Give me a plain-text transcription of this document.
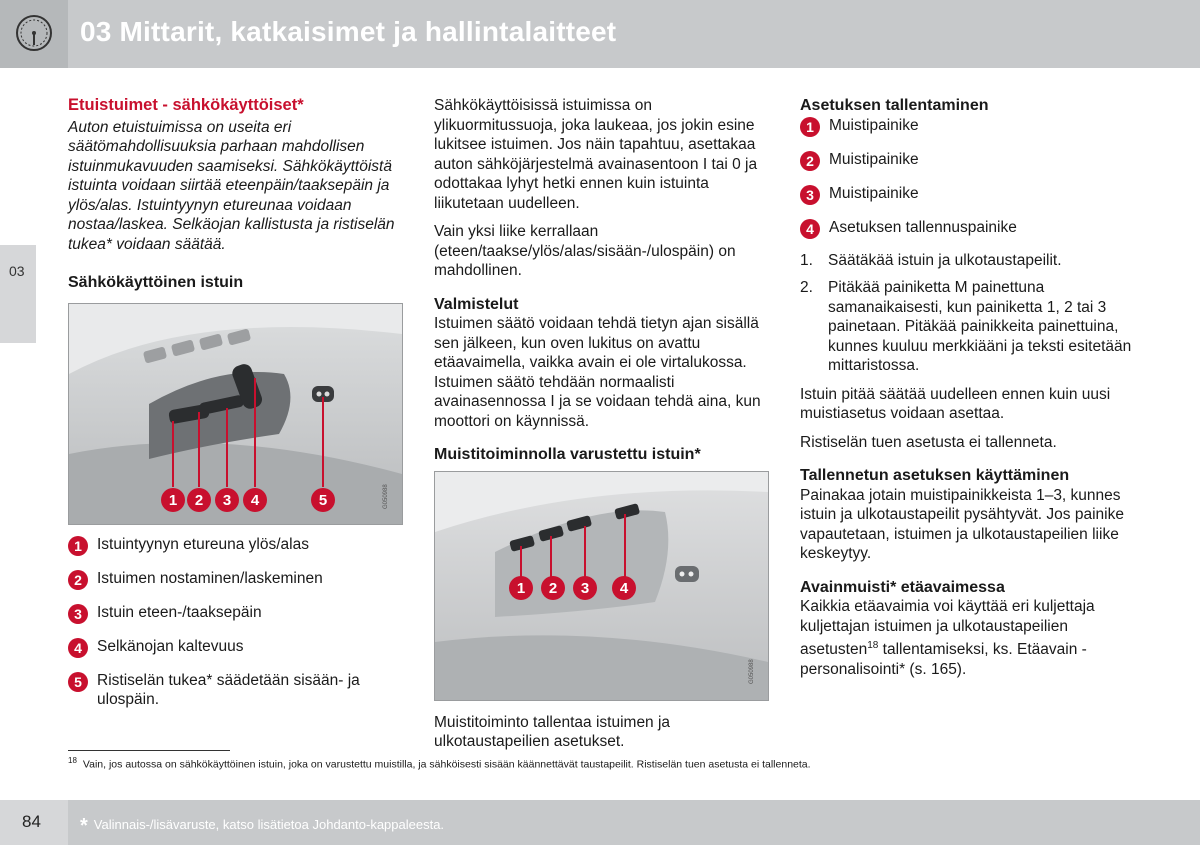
03 Mittarit, katkaisimet ja hallintalaitteet
03
Etuistuimet - sähkökäyttöiset*

Auton etuistuimissa on useita eri säätömahdollisuuksia parhaan mahdollisen istuinmukavuuden saamiseksi. Sähkökäyttöistä istuinta voidaan siirtää eteenpäin/taaksepäin ja ylös/alas. Istuintyynyn etureunaa voidaan nostaa/laskea. Selkäojan kallistusta ja ristiselän tukea* voidaan säätää.

Sähkökäyttöinen istuin
1 2 3 4	5	G050988
1 Istuintyynyn etureuna ylös/alas
2 Istuimen nostaminen/laskeminen
3 Istuin eteen-/taaksepäin
4 Selkänojan kaltevuus
5 Ristiselän tukea* säädetään sisään- ja ulospäin.

Sähkökäyttöisissä istuimissa on ylikuormitussuoja, joka laukeaa, jos jokin esine lukitsee istuimen. Jos näin tapahtuu, asettakaa auton sähköjärjestelmä avainasentoon I tai 0 ja odottakaa lyhyt hetki ennen kuin istuinta liikutetaan uudelleen.

Vain yksi liike kerrallaan (eteen/taakse/ylös/alas/sisään-/ulospäin) on mahdollinen.

Valmistelut

Istuimen säätö voidaan tehdä tietyn ajan sisällä sen jälkeen, kun oven lukitus on avattu etäavaimella, vaikka avain ei ole virtalukossa. Istuimen säätö tehdään normaalisti avainasennossa I ja se voidaan tehdä aina, kun moottori on käynnissä.

Muistitoiminnolla varustettu istuin*
1 2 3 4
G050988

Muistitoiminto tallentaa istuimen ja ulkotaustapeilien asetukset.

Asetuksen tallentaminen
1 Muistipainike
2 Muistipainike
3 Muistipainike
4 Asetuksen tallennuspainike
1. Säätäkää istuin ja ulkotaustapeilit.
2. Pitäkää painiketta M painettuna samanaikaisesti, kun painiketta 1, 2 tai 3 painetaan. Pitäkää painikkeita painettuina, kunnes kuuluu merkkiääni ja teksti esitetään mittaristossa.

Istuin pitää säätää uudelleen ennen kuin uusi muistiasetus voidaan asettaa.

Ristiselän tuen asetusta ei tallenneta.

Tallennetun asetuksen käyttäminen

Painakaa jotain muistipainikkeista 1–3, kunnes istuin ja ulkotaustapeilit pysähtyvät. Jos painike vapautetaan, istuimen ja ulkotaustapeilien liike keskeytyy.

Avainmuisti* etäavaimessa

Kaikkia etäavaimia voi käyttää eri kuljettaja kuljettajan istuimen ja ulkotaustapeilien asetusten$^{18}$ tallentamiseksi, ks. Etäavain - personalisointi* (s. 165).

$^{18}$ Vain, jos autossa on sähkökäyttöinen istuin, joka on varustettu muistilla, ja sähköisesti sisään käännettävät taustapeilit. Ristiselän tuen asetusta ei tallenneta.
84 * Valinnais-/lisävaruste, katso lisätietoa Johdanto-kappaleesta.
